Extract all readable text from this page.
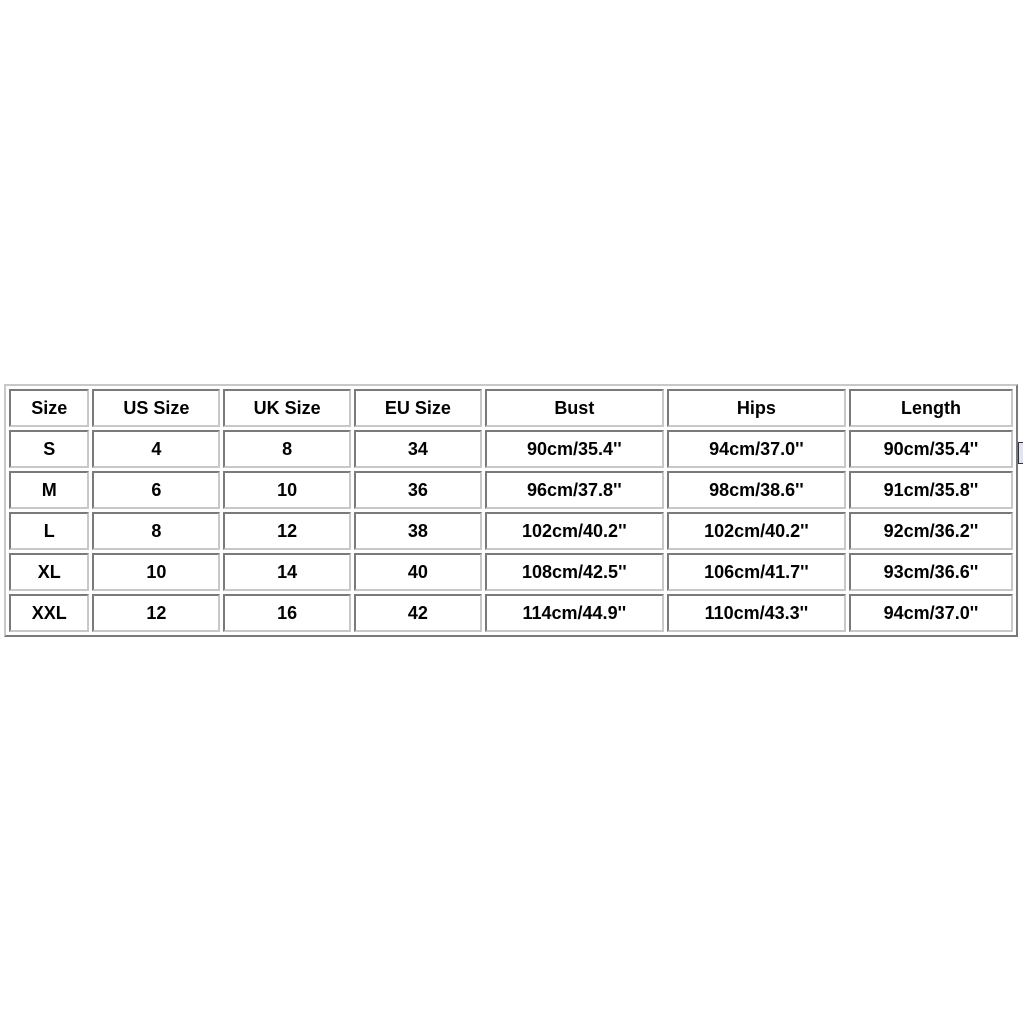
Size	US Size	UK Size	EU Size	Bust	Hips	Length
S	4	8	34	90cm/35.4''	94cm/37.0''	90cm/35.4''
M	6	10	36	96cm/37.8''	98cm/38.6''	91cm/35.8''
L	8	12	38	102cm/40.2''	102cm/40.2''	92cm/36.2''
XL	10	14	40	108cm/42.5''	106cm/41.7''	93cm/36.6''
XXL	12	16	42	114cm/44.9''	110cm/43.3''	94cm/37.0''
